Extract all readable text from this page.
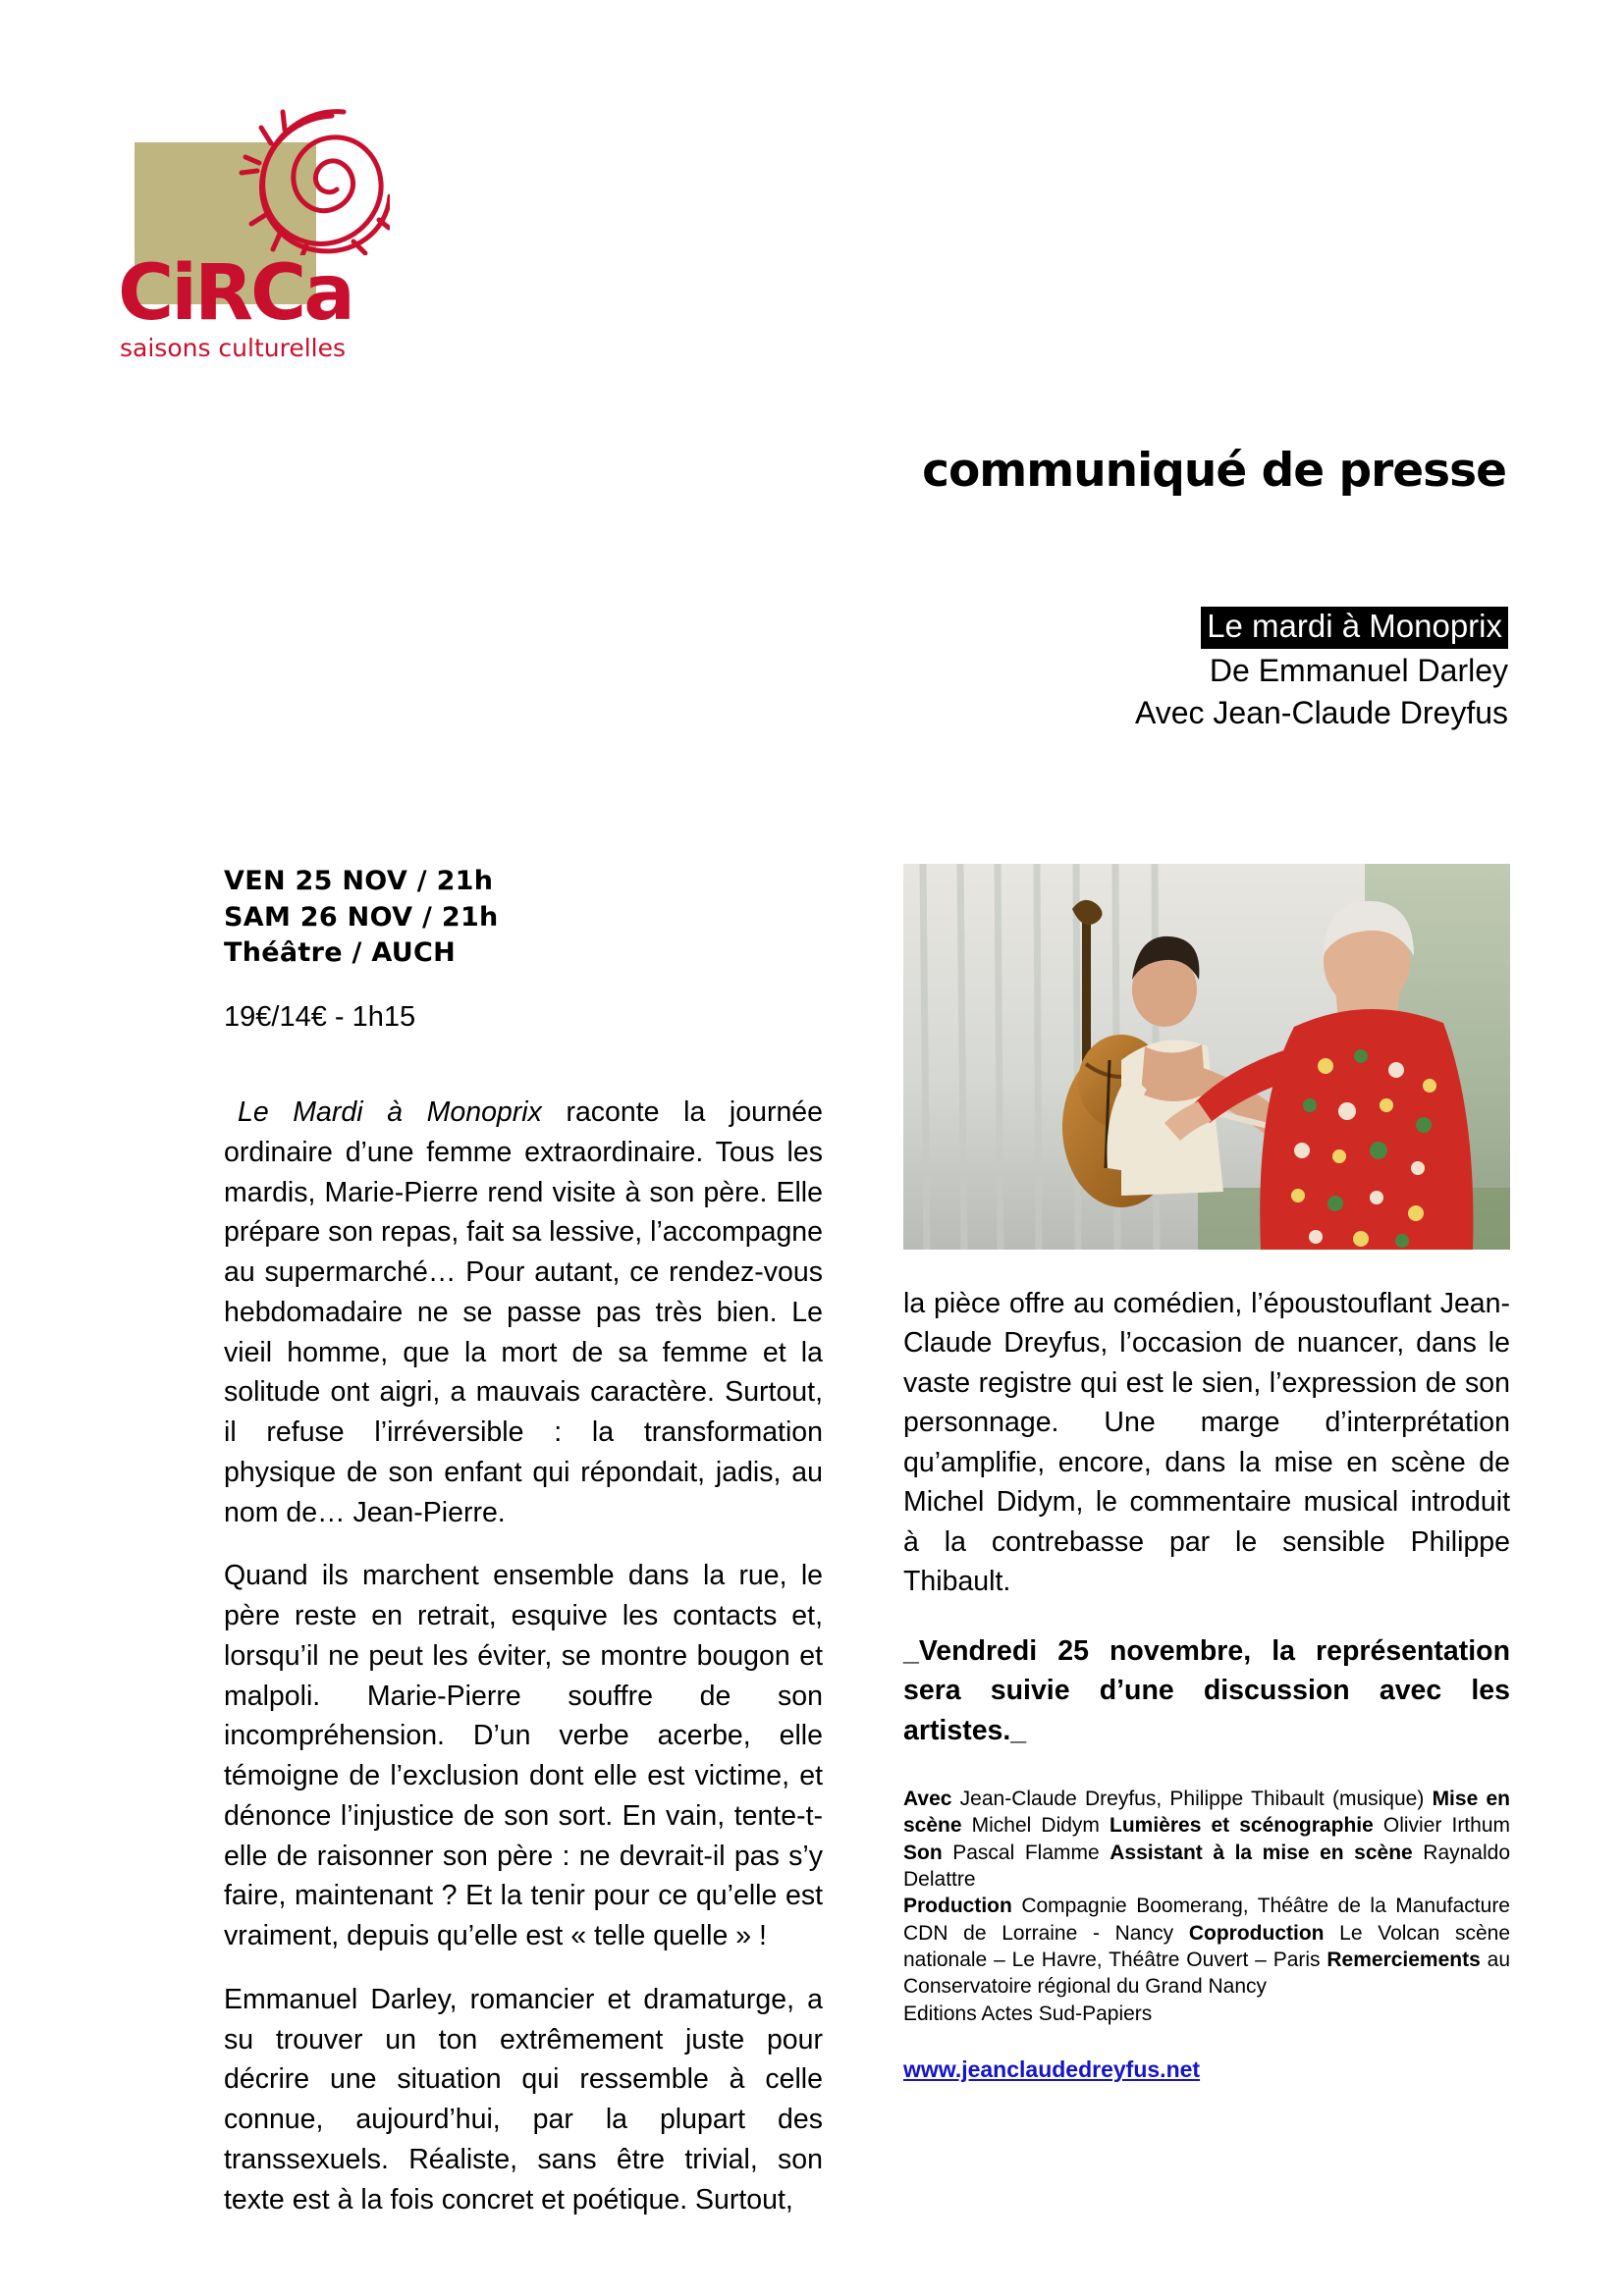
CiRCa
saisons culturelles
communiqué de presse
Le mardi à Monoprix
De Emmanuel Darley
Avec Jean-Claude Dreyfus
VEN 25 NOV / 21h
SAM 26 NOV / 21h
Théâtre / AUCH
19€/14€ - 1h15

Le Mardi à Monoprix raconte la journée ordinaire d’une femme extraordinaire. Tous les mardis, Marie-Pierre rend visite à son père. Elle prépare son repas, fait sa lessive, l’accompagne au supermarché… Pour autant, ce rendez-vous hebdomadaire ne se passe pas très bien. Le vieil homme, que la mort de sa femme et la solitude ont aigri, a mauvais caractère. Surtout, il refuse l’irréversible : la transformation physique de son enfant qui répondait, jadis, au nom de… Jean-Pierre.

Quand ils marchent ensemble dans la rue, le père reste en retrait, esquive les contacts et, lorsqu’il ne peut les éviter, se montre bougon et malpoli. Marie-Pierre souffre de son incompréhension. D’un verbe acerbe, elle témoigne de l’exclusion dont elle est victime, et dénonce l’injustice de son sort. En vain, tente-t-elle de raisonner son père : ne devrait-il pas s’y faire, maintenant ? Et la tenir pour ce qu’elle est vraiment, depuis qu’elle est « telle quelle » !

Emmanuel Darley, romancier et dramaturge, a su trouver un ton extrêmement juste pour décrire une situation qui ressemble à celle connue, aujourd’hui, par la plupart des transsexuels. Réaliste, sans être trivial, son texte est à la fois concret et poétique. Surtout,

la pièce offre au comédien, l’époustouflant Jean-Claude Dreyfus, l’occasion de nuancer, dans le vaste registre qui est le sien, l’expression de son personnage. Une marge d’interprétation qu’amplifie, encore, dans la mise en scène de Michel Didym, le commentaire musical introduit à la contrebasse par le sensible Philippe Thibault.

_Vendredi 25 novembre, la représentation sera suivie d’une discussion avec les artistes._

Avec Jean-Claude Dreyfus, Philippe Thibault (musique) Mise en scène Michel Didym Lumières et scénographie Olivier Irthum Son Pascal Flamme Assistant à la mise en scène Raynaldo Delattre

Production Compagnie Boomerang, Théâtre de la Manufacture CDN de Lorraine - Nancy Coproduction Le Volcan scène nationale – Le Havre, Théâtre Ouvert – Paris Remerciements au Conservatoire régional du Grand Nancy

Editions Actes Sud-Papiers

www.jeanclaudedreyfus.net
